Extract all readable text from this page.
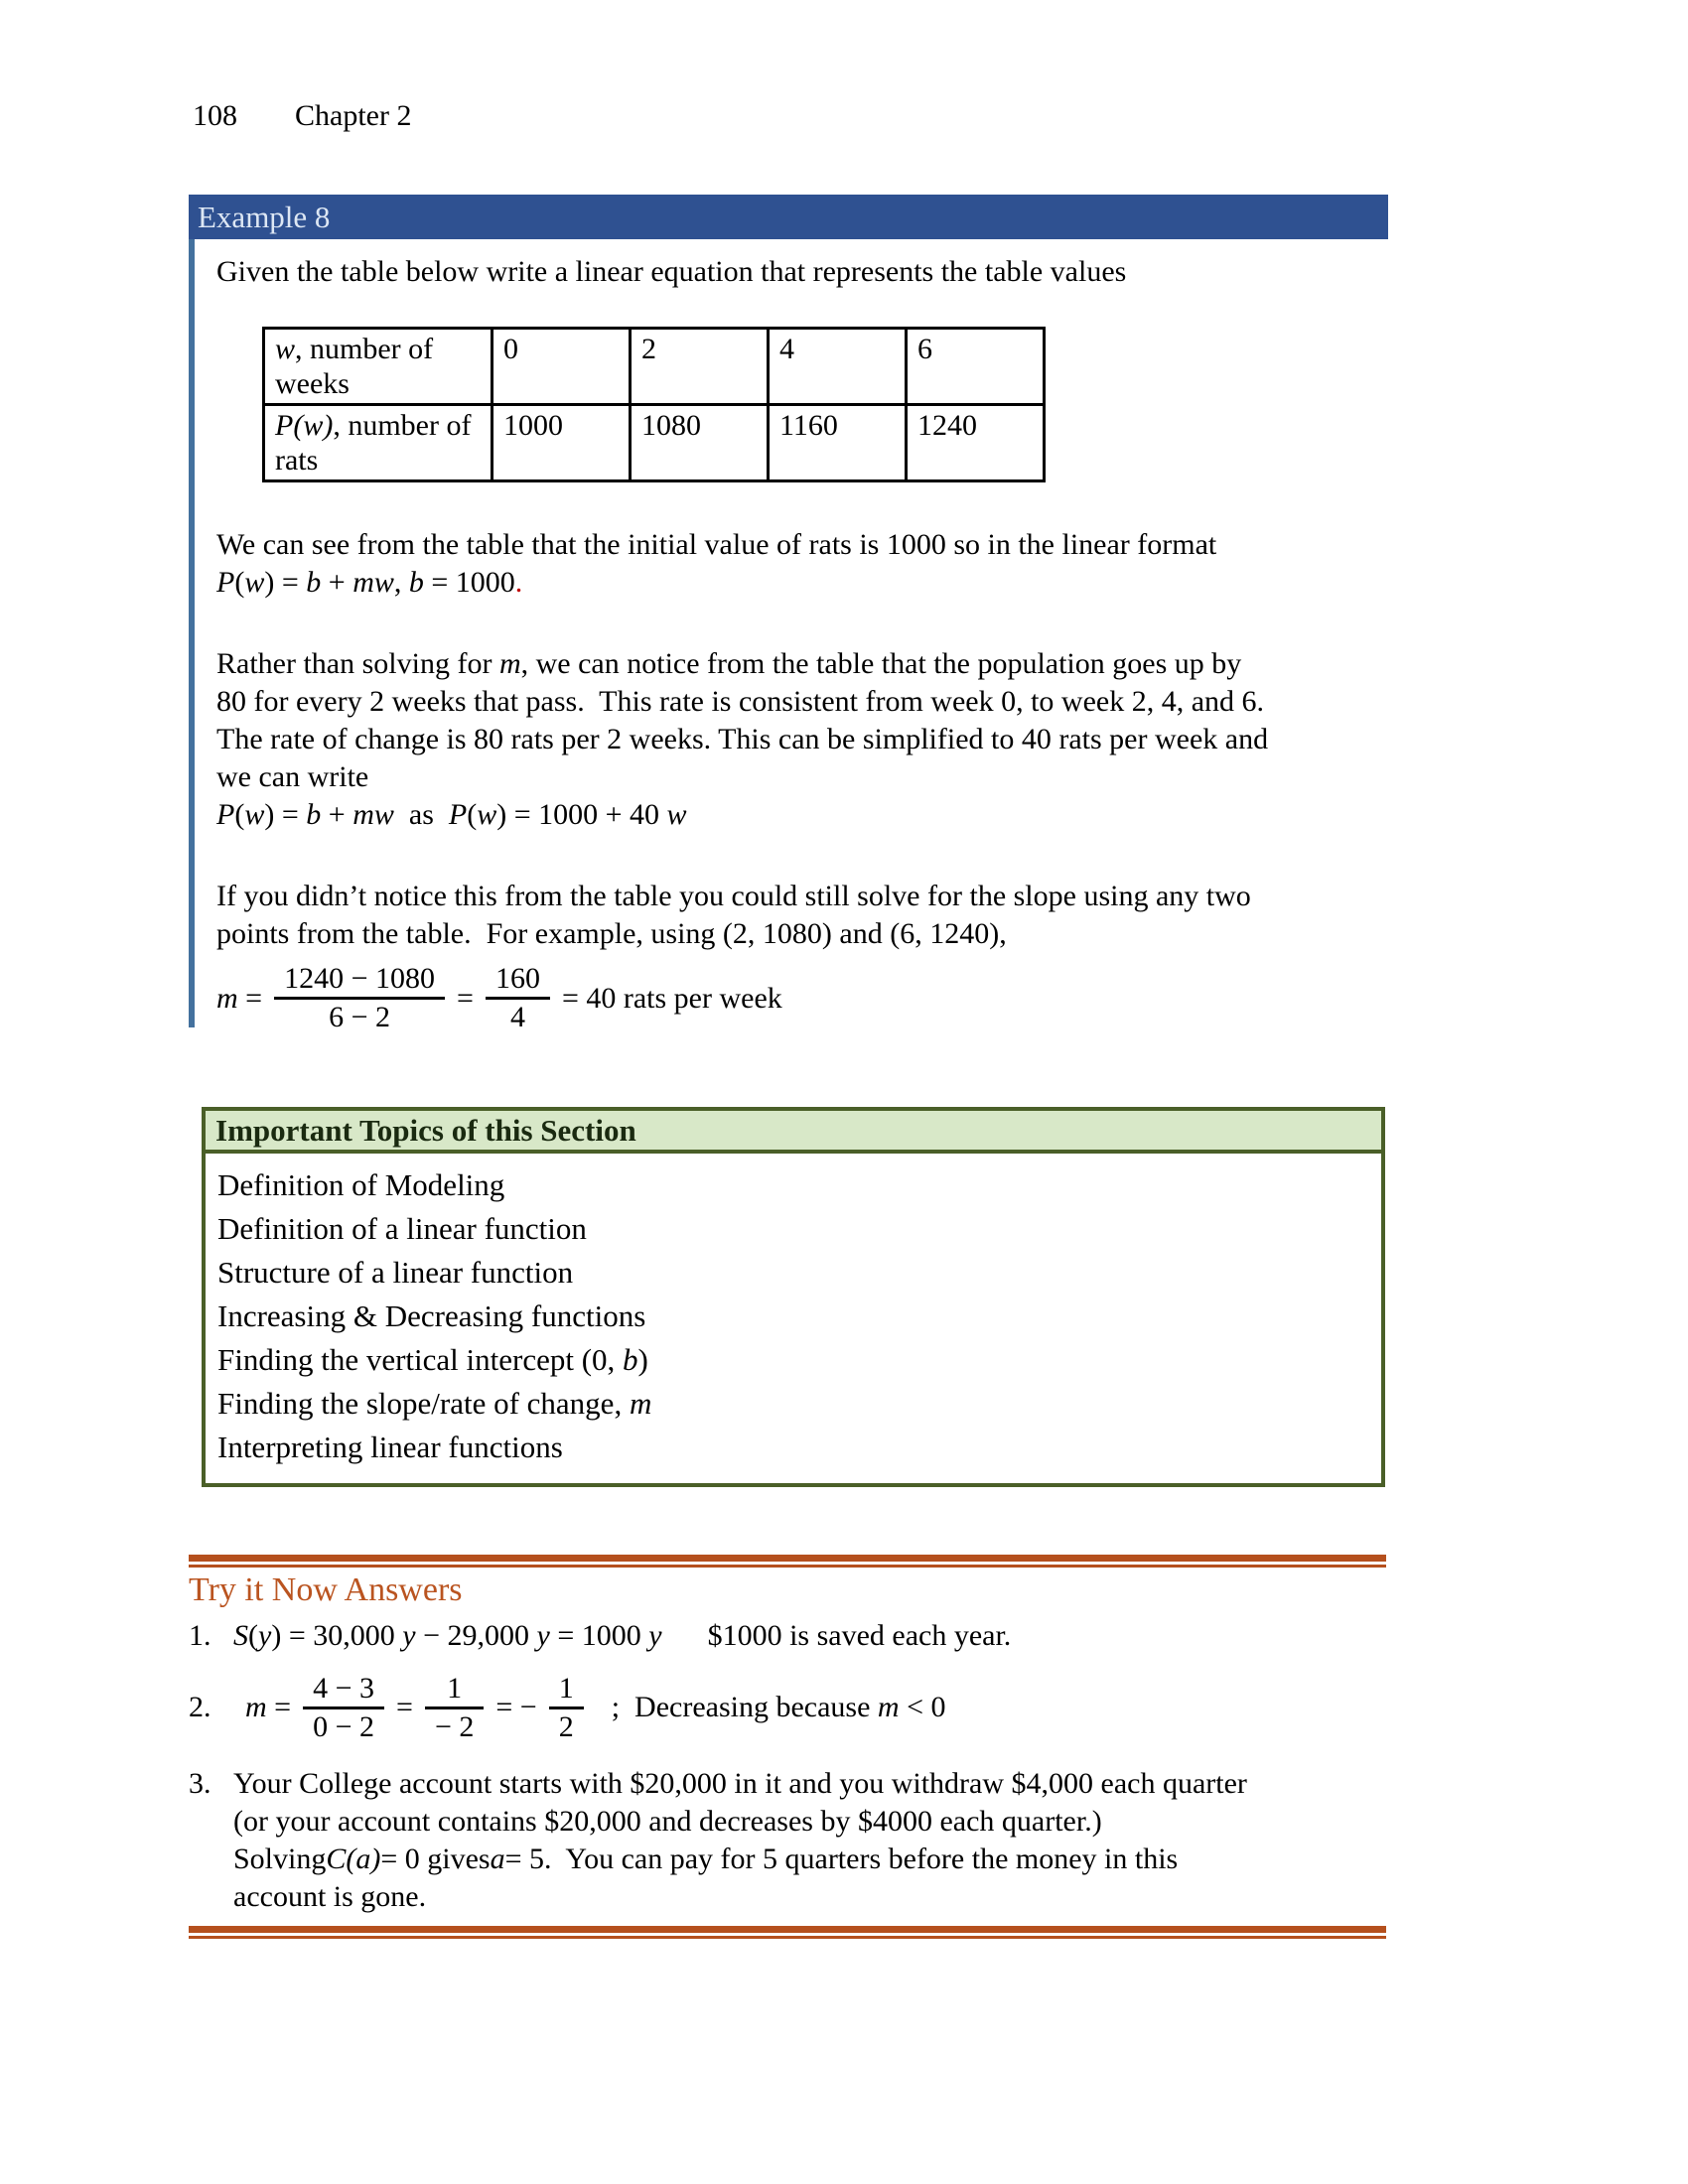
108 Chapter 2
Example 8
Given the table below write a linear equation that represents the table values
w, number of weeks	0	2	4	6
P(w), number of rats	1000	1080	1160	1240
We can see from the table that the initial value of rats is 1000 so in the linear format
P(w) = b + mw, b = 1000.
Rather than solving for m, we can notice from the table that the population goes up by
80 for every 2 weeks that pass.  This rate is consistent from week 0, to week 2, 4, and 6.
The rate of change is 80 rats per 2 weeks. This can be simplified to 40 rats per week and
we can write
P(w) = b + mw  as  P(w) = 1000 + 40 w
If you didn’t notice this from the table you could still solve for the slope using any two
points from the table.  For example, using (2, 1080) and (6, 1240),
$m = \frac{1240 - 1080}{6 - 2} = \frac{160}{4} = 40$ rats per week
Important Topics of this Section
Definition of Modeling
Definition of a linear function
Structure of a linear function
Increasing & Decreasing functions
Finding the vertical intercept (0, b)
Finding the slope/rate of change, m
Interpreting linear functions
Try it Now Answers
1. S(y) = 30,000 y − 29,000 y = 1000 y $1000 is saved each year.
2.	$m = \frac{4 - 3}{0 - 2} = \frac{1}{- 2}$ = − $\frac{1}{2}$ ;  Decreasing because m < 0
3. Your College account starts with $20,000 in it and you withdraw $4,000 each quarter
(or your account contains $20,000 and decreases by $4000 each quarter.)
Solving C(a) = 0 gives a = 5.  You can pay for 5 quarters before the money in this
account is gone.
